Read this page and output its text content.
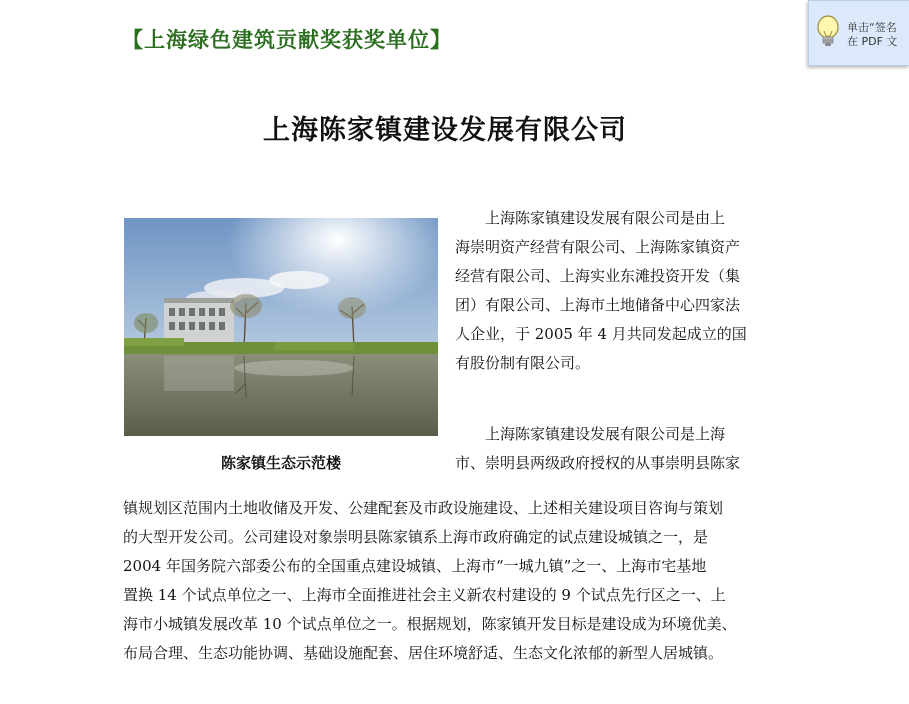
【上海绿色建筑贡献奖获奖单位】
单击“签名
在 PDF 文
上海陈家镇建设发展有限公司
陈家镇生态示范楼
　　上海陈家镇建设发展有限公司是由上
海崇明资产经营有限公司、上海陈家镇资产
经营有限公司、上海实业东滩投资开发（集
团）有限公司、上海市土地储备中心四家法
人企业，于 2005 年 4 月共同发起成立的国
有股份制有限公司。
　　上海陈家镇建设发展有限公司是上海
市、崇明县两级政府授权的从事崇明县陈家
镇规划区范围内土地收储及开发、公建配套及市政设施建设、上述相关建设项目咨询与策划
的大型开发公司。公司建设对象崇明县陈家镇系上海市政府确定的试点建设城镇之一，是
2004 年国务院六部委公布的全国重点建设城镇、上海市“一城九镇”之一、上海市宅基地
置换 14 个试点单位之一、上海市全面推进社会主义新农村建设的 9 个试点先行区之一、上
海市小城镇发展改革 10 个试点单位之一。根据规划，陈家镇开发目标是建设成为环境优美、
布局合理、生态功能协调、基础设施配套、居住环境舒适、生态文化浓郁的新型人居城镇。
